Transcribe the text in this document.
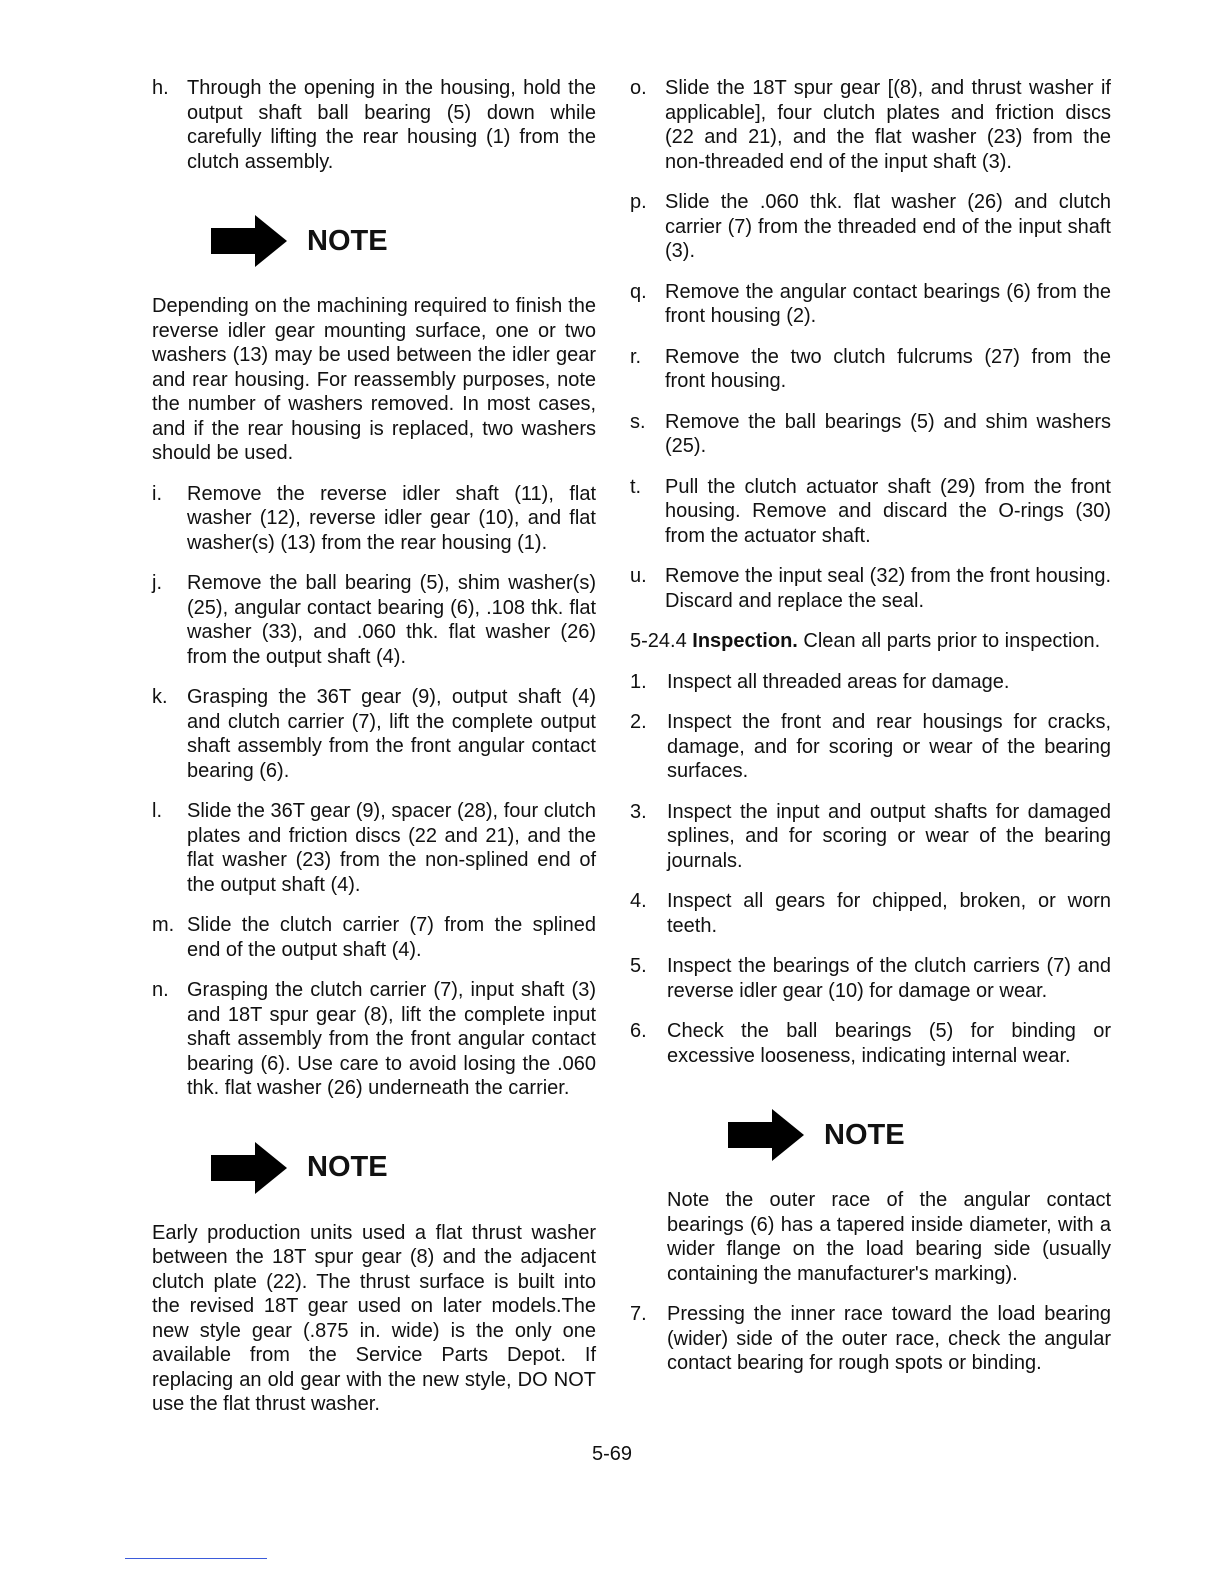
h. Through the opening in the housing, hold the output shaft ball bearing (5) down while carefully lifting the rear housing (1) from the clutch assembly.
NOTE
Depending on the machining required to finish the reverse idler gear mounting surface, one or two washers (13) may be used between the idler gear and rear housing. For reassembly purposes, note the number of washers removed. In most cases, and if the rear housing is replaced, two washers should be used.
i. Remove the reverse idler shaft (11), flat washer (12), reverse idler gear (10), and flat washer(s) (13) from the rear housing (1).
j. Remove the ball bearing (5), shim washer(s) (25), angular contact bearing (6), .108 thk. flat washer (33), and .060 thk. flat washer (26) from the output shaft (4).
k. Grasping the 36T gear (9), output shaft (4) and clutch carrier (7), lift the complete output shaft assembly from the front angular contact bearing (6).
l. Slide the 36T gear (9), spacer (28), four clutch plates and friction discs (22 and 21), and the flat washer (23) from the non-splined end of the output shaft (4).
m. Slide the clutch carrier (7) from the splined end of the output shaft (4).
n. Grasping the clutch carrier (7), input shaft (3) and 18T spur gear (8), lift the complete input shaft assembly from the front angular contact bearing (6). Use care to avoid losing the .060 thk. flat washer (26) underneath the carrier.
NOTE
Early production units used a flat thrust washer between the 18T spur gear (8) and the adjacent clutch plate (22). The thrust surface is built into the revised 18T gear used on later models.The new style gear (.875 in. wide) is the only one available from the Service Parts Depot. If replacing an old gear with the new style, DO NOT use the flat thrust washer.
o. Slide the 18T spur gear [(8), and thrust washer if applicable], four clutch plates and friction discs (22 and 21), and the flat washer (23) from the non-threaded end of the input shaft (3).
p. Slide the .060 thk. flat washer (26) and clutch carrier (7) from the threaded end of the input shaft (3).
q. Remove the angular contact bearings (6) from the front housing (2).
r. Remove the two clutch fulcrums (27) from the front housing.
s. Remove the ball bearings (5) and shim washers (25).
t. Pull the clutch actuator shaft (29) from the front housing. Remove and discard the O-rings (30) from the actuator shaft.
u. Remove the input seal (32) from the front housing. Discard and replace the seal.
5-24.4 Inspection. Clean all parts prior to inspection.
1. Inspect all threaded areas for damage.
2. Inspect the front and rear housings for cracks, damage, and for scoring or wear of the bearing surfaces.
3. Inspect the input and output shafts for damaged splines, and for scoring or wear of the bearing journals.
4. Inspect all gears for chipped, broken, or worn teeth.
5. Inspect the bearings of the clutch carriers (7) and reverse idler gear (10) for damage or wear.
6. Check the ball bearings (5) for binding or excessive looseness, indicating internal wear.
NOTE
Note the outer race of the angular contact bearings (6) has a tapered inside diameter, with a wider flange on the load bearing side (usually containing the manufacturer's marking).
7. Pressing the inner race toward the load bearing (wider) side of the outer race, check the angular contact bearing for rough spots or binding.
5-69
